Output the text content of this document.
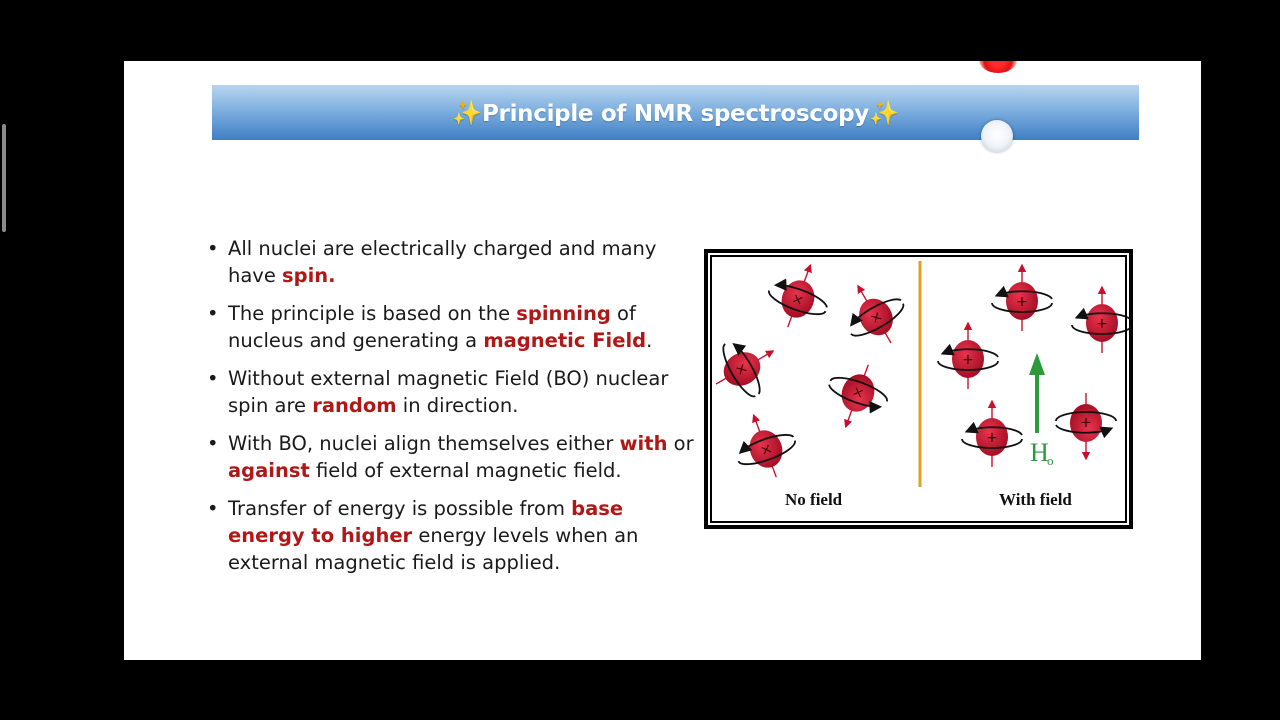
✨Principle of NMR spectroscopy✨
• All nuclei are electrically charged and many have spin.
• The principle is based on the spinning of nucleus and generating a magnetic Field.
• Without external magnetic Field (BO) nuclear spin are random in direction.
• With BO, nuclei align themselves either with or against field of external magnetic field.
• Transfer of energy is possible from base energy to higher energy levels when an external magnetic field is applied.
×
×
×
×
×
+
+
+
+
+
H
o
No field	With field
